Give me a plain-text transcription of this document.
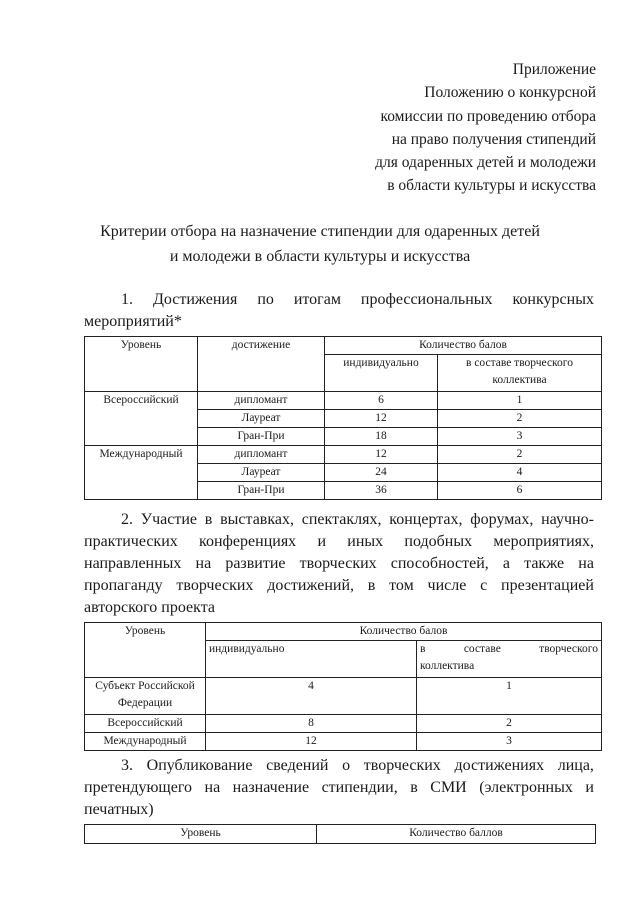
Приложение
Положению о конкурсной
комиссии по проведению отбора
на право получения стипендий
для одаренных детей и молодежи
в области культуры и искусства
Критерии отбора на назначение стипендии для одаренных детей
и молодежи в области культуры и искусства
1. Достижения по итогам профессиональных конкурсных
мероприятий*
Уровень	достижение	Количество балов	
		индивидуально	в составе творческого коллектива
Всероссийский	дипломант	6	1
	Лауреат	12	2
	Гран-При	18	3
Международный	дипломант	12	2
	Лауреат	24	4
	Гран-При	36	6
2. Участие в выставках, спектаклях, концертах, форумах, научно-
практических конференциях и иных подобных мероприятиях,
направленных на развитие творческих способностей, а также на
пропаганду творческих достижений, в том числе с презентацией
авторского проекта
Уровень	Количество балов	
	индивидуально	в составе творческого
коллектива

Субъект Российской Федерации	4	1
Всероссийский	8	2
Международный	12	3
3. Опубликование сведений о творческих достижениях лица,
претендующего на назначение стипендии, в СМИ (электронных и
печатных)
Уровень	Количество баллов
